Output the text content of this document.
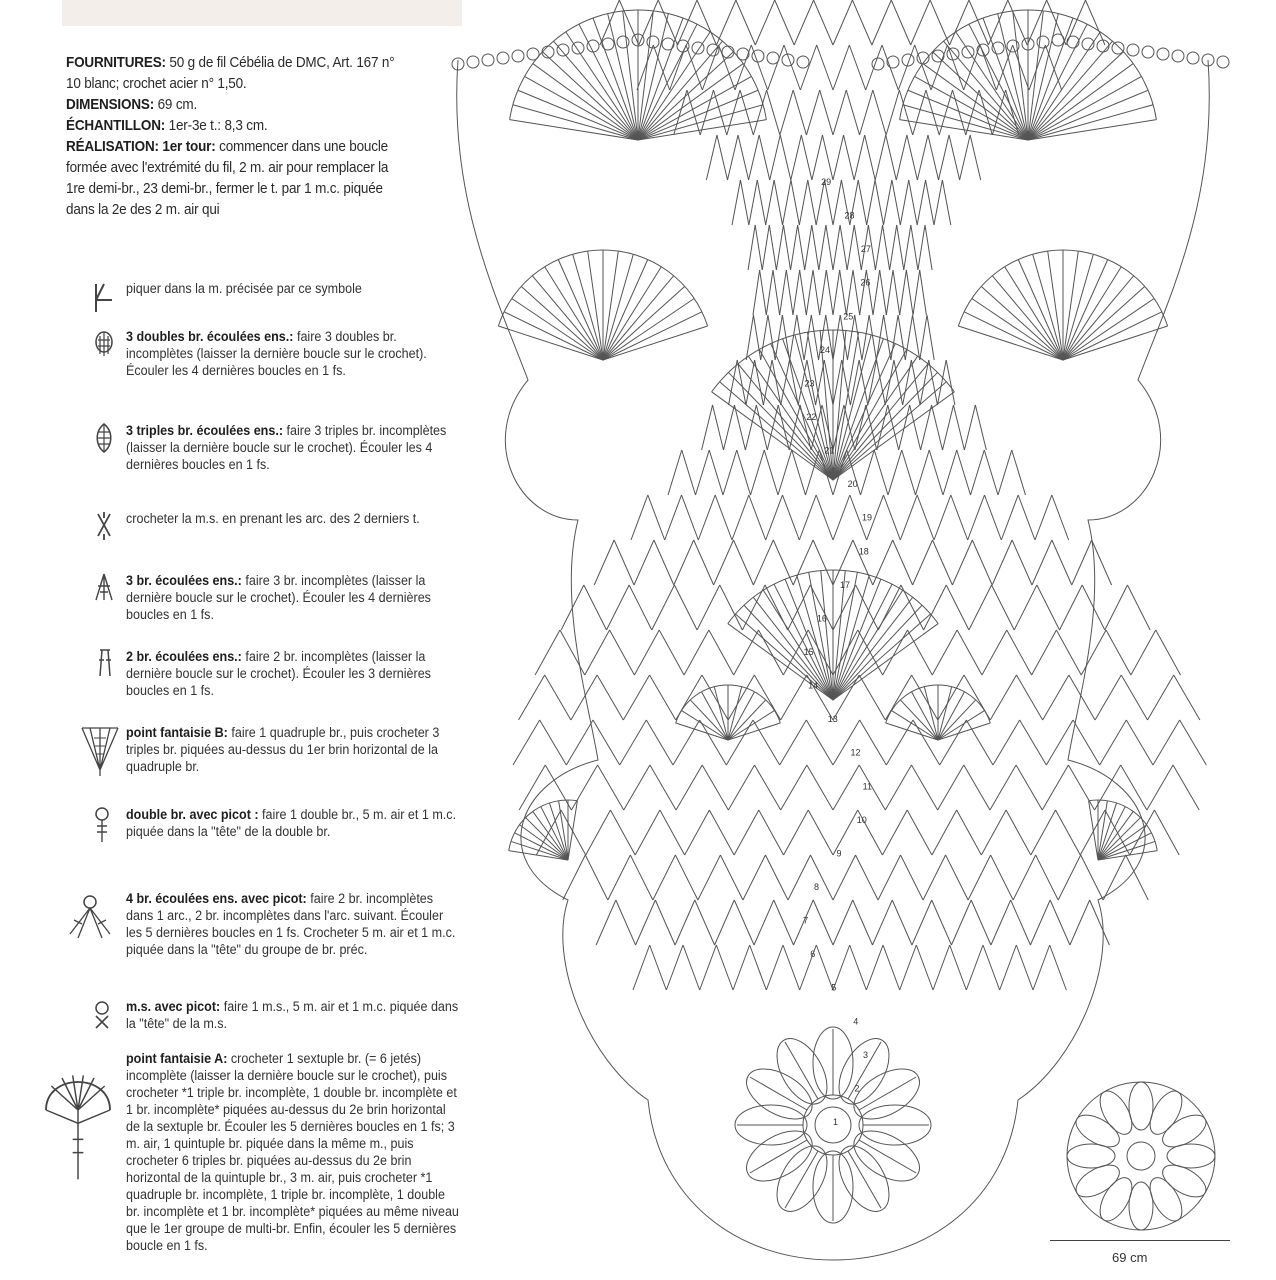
FOURNITURES: 50 g de fil Cébélia de DMC, Art. 167 n° 10 blanc; crochet acier n° 1,50.

DIMENSIONS: 69 cm.

ÉCHANTILLON: 1er-3e t.: 8,3 cm.

RÉALISATION: 1er tour: commencer dans une boucle formée avec l'extrémité du fil, 2 m. air pour remplacer la 1re demi-br., 23 demi-br., fermer le t. par 1 m.c. piquée dans la 2e des 2 m. air qui

piquer dans la m. précisée par ce symbole
3 doubles br. écoulées ens.: faire 3 doubles br. incomplètes (laisser la dernière boucle sur le crochet). Écouler les 4 dernières boucles en 1 fs.
3 triples br. écoulées ens.: faire 3 triples br. incomplètes (laisser la dernière boucle sur le crochet). Écouler les 4 dernières boucles en 1 fs.
crocheter la m.s. en prenant les arc. des 2 derniers t.
3 br. écoulées ens.: faire 3 br. incomplètes (laisser la dernière boucle sur le crochet). Écouler les 4 dernières boucles en 1 fs.
2 br. écoulées ens.: faire 2 br. incomplètes (laisser la dernière boucle sur le crochet). Écouler les 3 dernières boucles en 1 fs.
point fantaisie B: faire 1 quadruple br., puis crocheter 3 triples br. piquées au-dessus du 1er brin horizontal de la quadruple br.
double br. avec picot : faire 1 double br., 5 m. air et 1 m.c. piquée dans la "tête" de la double br.
4 br. écoulées ens. avec picot: faire 2 br. incomplètes dans 1 arc., 2 br. incomplètes dans l'arc. suivant. Écouler les 5 dernières boucles en 1 fs. Crocheter 5 m. air et 1 m.c. piquée dans la "tête" du groupe de br. préc.
m.s. avec picot: faire 1 m.s., 5 m. air et 1 m.c. piquée dans la "tête" de la m.s.
point fantaisie A: crocheter 1 sextuple br. (= 6 jetés) incomplète (laisser la dernière boucle sur le crochet), puis crocheter *1 triple br. incomplète, 1 double br. incomplète et 1 br. incomplète* piquées au-dessus du 2e brin horizontal de la sextuple br. Écouler les 5 dernières boucles en 1 fs; 3 m. air, 1 quintuple br. piquée dans la même m., puis crocheter 6 triples br. piquées au-dessus du 2e brin horizontal de la quintuple br., 3 m. air, puis crocheter *1 quadruple br. incomplète, 1 triple br. incomplète, 1 double br. incomplète et 1 br. incomplète* piquées au même niveau que le 1er groupe de multi-br. Enfin, écouler les 5 dernières boucle en 1 fs.
1
2
3
4
5
6
7
8
9
10
11
12
13
14
15
16
17
18
19
20
21
22
23
24
25
26
27
28
29
69 cm
